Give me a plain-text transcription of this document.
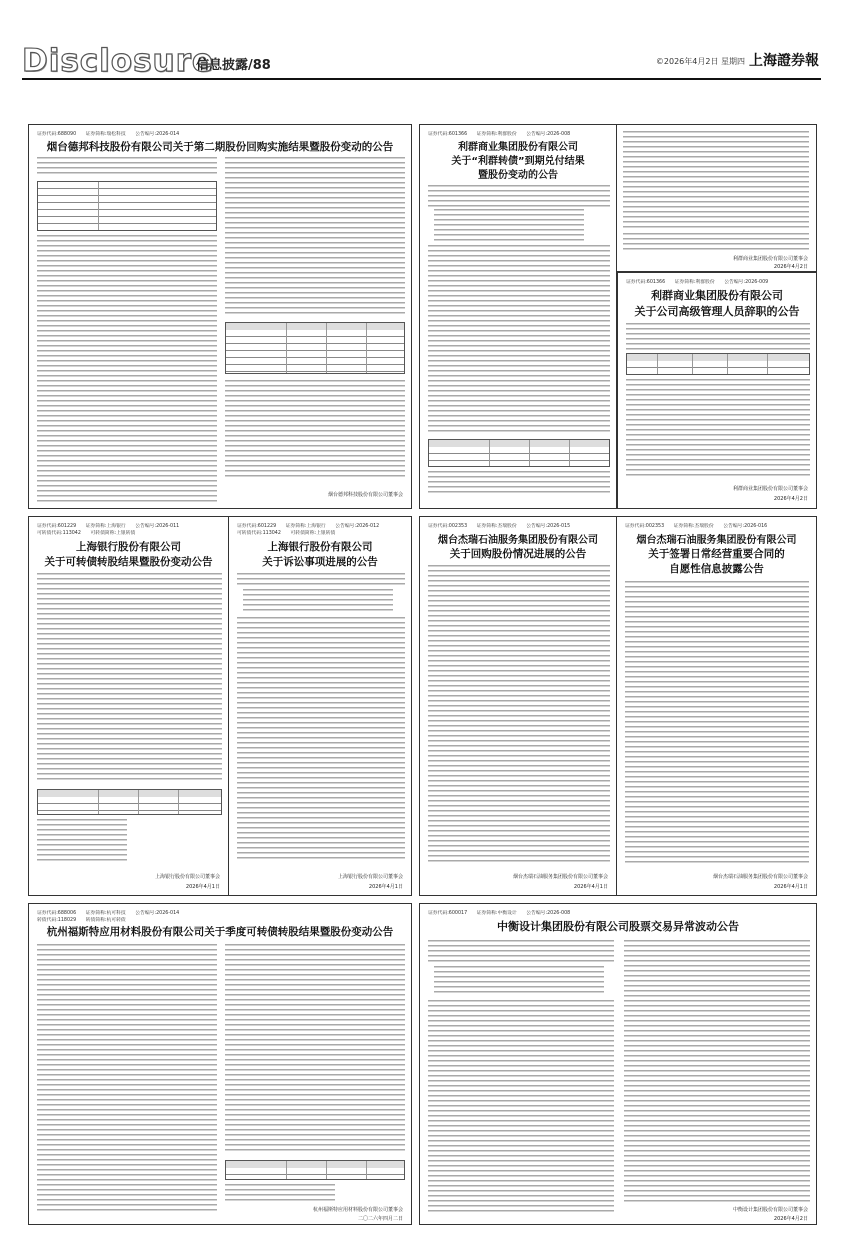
Disclosure
信息披露/88	©2026年4月2日 星期四 上海證券報
证券代码:688090　　证券简称:瑞松科技　　公告编号:2026-014
烟台德邦科技股份有限公司关于第二期股份回购实施结果暨股份变动的公告
烟台德邦科技股份有限公司董事会
证券代码:601366　　证券简称:利群股份　　公告编号:2026-008
利群商业集团股份有限公司
关于“利群转债”到期兑付结果
暨股份变动的公告
利群商业集团股份有限公司董事会
2026年4月2日
证券代码:601366　　证券简称:利群股份　　公告编号:2026-009
利群商业集团股份有限公司
关于公司高级管理人员辞职的公告
利群商业集团股份有限公司董事会
2026年4月2日
证券代码:601229　　证券简称:上海银行　　公告编号:2026-011
可转债代码:113042　　可转债简称:上银转债
上海银行股份有限公司
关于可转债转股结果暨股份变动公告
上海银行股份有限公司董事会
2026年4月1日
证券代码:601229　　证券简称:上海银行　　公告编号:2026-012
可转债代码:113042　　可转债简称:上银转债
上海银行股份有限公司
关于诉讼事项进展的公告
上海银行股份有限公司董事会
2026年4月1日
证券代码:002353　　证券简称:杰瑞股份　　公告编号:2026-015
烟台杰瑞石油服务集团股份有限公司
关于回购股份情况进展的公告
烟台杰瑞石油服务集团股份有限公司董事会
2026年4月1日
证券代码:002353　　证券简称:杰瑞股份　　公告编号:2026-016
烟台杰瑞石油服务集团股份有限公司
关于签署日常经营重要合同的
自愿性信息披露公告
烟台杰瑞石油服务集团股份有限公司董事会
2026年4月1日
证券代码:688006　　证券简称:杭可科技　　公告编号:2026-014
转债代码:118029　　转债简称:杭可转债
杭州福斯特应用材料股份有限公司关于季度可转债转股结果暨股份变动公告
杭州福斯特应用材料股份有限公司董事会
二〇二六年四月二日
证券代码:600017　　证券简称:中衡设计　　公告编号:2026-008
中衡设计集团股份有限公司股票交易异常波动公告
中衡设计集团股份有限公司董事会
2026年4月2日
